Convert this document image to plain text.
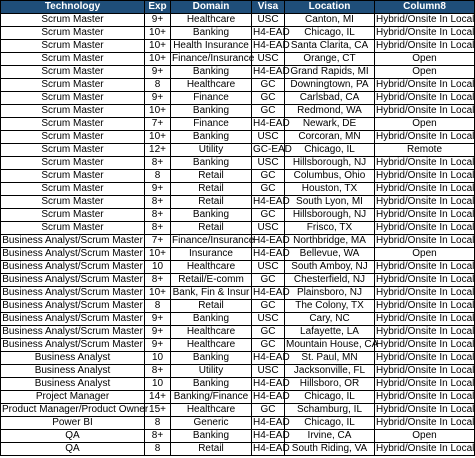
Technology	Exp	Domain	Visa	Location	Column8
Scrum Master	9+	Healthcare	USC	Canton, MI	Hybrid/Onsite In Local
Scrum Master	10+	Banking	H4-EAD	Chicago, IL	Hybrid/Onsite In Local
Scrum Master	10+	Health Insurance	H4-EAD	Santa Clarita, CA	Hybrid/Onsite In Local
Scrum Master	10+	Finance/Insurance	USC	Orange, CT	Open
Scrum Master	9+	Banking	H4-EAD	Grand Rapids, MI	Open
Scrum Master	8	Healthcare	GC	Downingtown, PA	Hybrid/Onsite In Local
Scrum Master	9+	Finance	GC	Carlsbad, CA	Hybrid/Onsite In Local
Scrum Master	10+	Banking	GC	Redmond, WA	Hybrid/Onsite In Local
Scrum Master	7+	Finance	H4-EAD	Newark, DE	Open
Scrum Master	10+	Banking	USC	Corcoran, MN	Hybrid/Onsite In Local
Scrum Master	12+	Utility	GC-EAD	Chicago, IL	Remote
Scrum Master	8+	Banking	USC	Hillsborough, NJ	Hybrid/Onsite In Local
Scrum Master	8	Retail	GC	Columbus, Ohio	Hybrid/Onsite In Local
Scrum Master	9+	Retail	GC	Houston, TX	Hybrid/Onsite In Local
Scrum Master	8+	Retail	H4-EAD	South Lyon, MI	Hybrid/Onsite In Local
Scrum Master	8+	Banking	GC	Hillsborough, NJ	Hybrid/Onsite In Local
Scrum Master	8+	Retail	USC	Frisco, TX	Hybrid/Onsite In Local
Business Analyst/Scrum Master	7+	Finance/Insurance	H4-EAD	Northbridge, MA	Hybrid/Onsite In Local
Business Analyst/Scrum Master	10+	Insurance	H4-EAD	Bellevue, WA	Open
Business Analyst/Scrum Master	10	Healthcare	USC	South Amboy, NJ	Hybrid/Onsite In Local
Business Analyst/Scrum Master	8+	Retail/E-comm	GC	Chesterfield, NJ	Hybrid/Onsite In Local
Business Analyst/Scrum Master	10+	Bank, Fin & Insur	H4-EAD	Plainsboro, NJ	Hybrid/Onsite In Local
Business Analyst/Scrum Master	8	Retail	GC	The Colony, TX	Hybrid/Onsite In Local
Business Analyst/Scrum Master	9+	Banking	USC	Cary, NC	Hybrid/Onsite In Local
Business Analyst/Scrum Master	9+	Healthcare	GC	Lafayette, LA	Hybrid/Onsite In Local
Business Analyst/Scrum Master	9+	Healthcare	GC	Mountain House, CA	Hybrid/Onsite In Local
Business Analyst	10	Banking	H4-EAD	St. Paul, MN	Hybrid/Onsite In Local
Business Analyst	8+	Utility	USC	Jacksonville, FL	Hybrid/Onsite In Local
Business Analyst	10	Banking	H4-EAD	Hillsboro, OR	Hybrid/Onsite In Local
Project Manager	14+	Banking/Finance	H4-EAD	Chicago, IL	Hybrid/Onsite In Local
Product Manager/Product Owner	15+	Healthcare	GC	Schamburg, IL	Hybrid/Onsite In Local
Power BI	8	Generic	H4-EAD	Chicago, IL	Hybrid/Onsite In Local
QA	8+	Banking	H4-EAD	Irvine, CA	Open
QA	8	Retail	H4-EAD	South Riding, VA	Hybrid/Onsite In Local
